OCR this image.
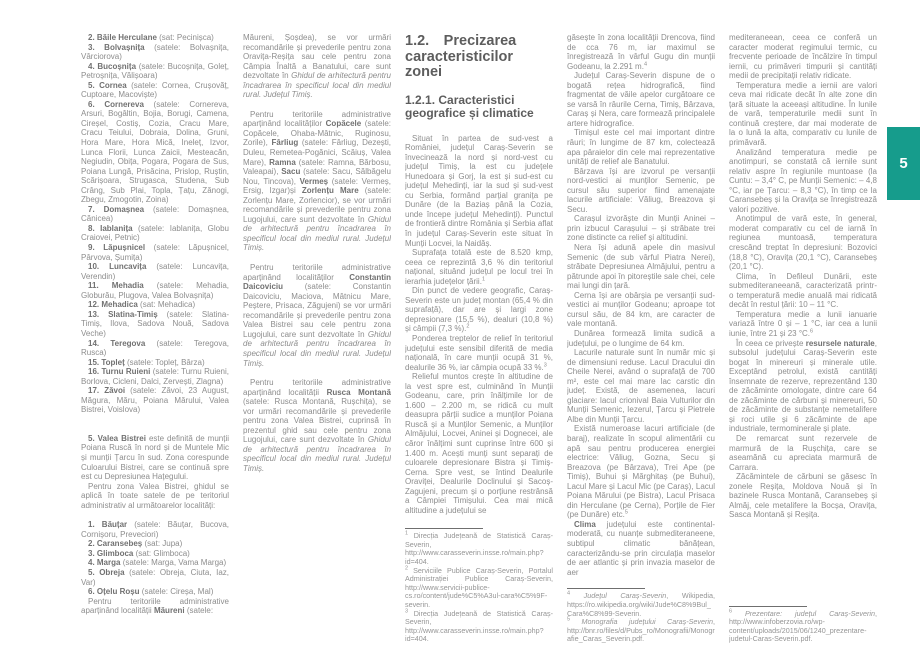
2. Băile Herculane (sat: Pecinișca)

3. Bolvașnița (satele: Bolvașnița, Vârciorova)

4. Bucoșnița (satele: Bucoșnița, Goleț, Petroșnița, Vălișoara)

5. Cornea (satele: Cornea, Crușovăț, Cuptoare, Macoviște)

6. Cornereva (satele: Cornereva, Arsuri, Bogâltin, Bojia, Borugi, Camena, Cireșel, Costiș, Cozia, Cracu Mare, Cracu Teiului, Dobraia, Dolina, Gruni, Hora Mare, Hora Mică, Ineleț, Izvor, Lunca Florii, Lunca Zaicii, Mesteacăn, Negiudin, Obița, Pogara, Pogara de Sus, Poiana Lungă, Prisăcina, Prislop, Ruștin, Scărișoara, Strugasca, Studena, Sub Crâng, Sub Plai, Topla, Țațu, Zănogi, Zbegu, Zmogotin, Zoina)

7. Domașnea (satele: Domașnea, Cănicea)

8. Iablanița (satele: Iablanița, Globu Craiovei, Petnic)

9. Lăpușnicel (satele: Lăpușnicel, Pârvova, Șumița)

10. Luncavița (satele: Luncavița, Verendin)

11. Mehadia (satele: Mehadia, Globurău, Plugova, Valea Bolvașnița)

12. Mehadica (sat: Mehadica)

13. Slatina-Timiș (satele: Slatina-Timiș, Ilova, Sadova Nouă, Sadova Veche)

14. Teregova (satele: Teregova, Rusca)

15. Topleț (satele: Topleț, Bârza)

16. Turnu Ruieni (satele: Turnu Ruieni, Borlova, Cicleni, Dalci, Zervești, Zlagna)

17. Zăvoi (satele: Zăvoi, 23 August, Măgura, Măru, Poiana Mărului, Valea Bistrei, Voislova)

5. Valea Bistrei este definită de munții Poiana Ruscă în nord și de Muntele Mic și munții Țarcu în sud. Zona corespunde Culoarului Bistrei, care se continuă spre est cu Depresiunea Hațegului.

Pentru zona Valea Bistrei, ghidul se aplică în toate satele de pe teritoriul administrativ al următoarelor localități:

1. Băuțar (satele: Băuțar, Bucova, Cornișoru, Preveciori)

2. Caransebeș (sat: Jupa)

3. Glimboca (sat: Glimboca)

4. Marga (satele: Marga, Vama Marga)

5. Obreja (satele: Obreja, Ciuta, Iaz, Var)

6. Oțelu Roșu (satele: Cireșa, Mal)

Pentru teritoriile administrative aparținând localității Măureni (satele:

Măureni, Șoșdea), se vor urmări recomandările și prevederile pentru zona Oravița-Reșița sau cele pentru zona Câmpia Înaltă a Banatului, care sunt dezvoltate în Ghidul de arhitectură pentru încadrarea în specificul local din mediul rural. Județul Timiș.

Pentru teritoriile administrative aparținând localităților Copăcele (satele: Copăcele, Ohaba-Mâtnic, Ruginosu, Zorile), Fârliug (satele: Fârliug, Dezești, Duleu, Remetea-Pogănici, Scăiuș, Valea Mare), Ramna (satele: Ramna, Bărbosu, Valeapai), Sacu (satele: Sacu, Sălbăgelu Nou, Tincova), Vermeș (satele: Vermeș, Ersig, Izgar)și Zorlențu Mare (satele: Zorlențu Mare, Zorlencior), se vor urmări recomandările și prevederile pentru zona Lugojului, care sunt dezvoltate în Ghidul de arhitectură pentru încadrarea în specificul local din mediul rural. Județul Timiș.

Pentru teritoriile administrative aparținând localităților Constantin Daicoviciu (satele: Constantin Daicoviciu, Maciova, Mâtnicu Mare, Peștere, Prisaca, Zăgujeni) se vor urmări recomandările și prevederile pentru zona Valea Bistrei sau cele pentru zona Lugojului, care sunt dezvoltate în Ghidul de arhitectură pentru încadrarea în specificul local din mediul rural. Județul Timiș.

Pentru teritoriile administrative aparținând localității Rusca Montană (satele: Rusca Montană, Rușchița), se vor urmări recomandările și prevederile pentru zona Valea Bistrei, cuprinsă în prezentul ghid sau cele pentru zona Lugojului, care sunt dezvoltate în Ghidul de arhitectură pentru încadrarea în specificul local din mediul rural. Județul Timiș.

1.2. Precizarea caracteristicilor zonei
1.2.1. Caracteristici geografice și climatice

Situat în partea de sud-vest a României, județul Caraș-Severin se învecinează la nord și nord-vest cu județul Timiș, la est cu județele Hunedoara și Gorj, la est și sud-est cu județul Mehedinți, iar la sud și sud-vest cu Serbia, formând parțial granița pe Dunăre (de la Baziaș până la Cozia, unde începe județul Mehedinți). Punctul de frontieră dintre România și Serbia aflat în județul Caraș-Severin este situat în Munții Locvei, la Naidăș.

Suprafața totală este de 8.520 kmp, ceea ce reprezintă 3,6 % din teritoriul național, situând județul pe locul trei în ierarhia județelor țării.$^1$

Din punct de vedere geografic, Caraș-Severin este un județ montan (65,4 % din suprafață), dar are și largi zone depresionare (15,5 %), dealuri (10,8 %) și câmpii (7,3 %).$^2$

Ponderea treptelor de relief în teritoriul județului este sensibil diferită de media națională, în care munții ocupă 31 %, dealurile 36 %, iar câmpia ocupă 33 %.$^3$

Relieful muntos crește în altitudine de la vest spre est, culminând în Munții Godeanu, care, prin înălțimile lor de 1.600 – 2.200 m, se ridică cu mult deasupra părții sudice a munților Poiana Ruscă și a Munților Semenic, a Munților Almăjului, Locvei, Aninei și Dognecei, ale căror înălțimi sunt cuprinse între 600 și 1.400 m. Acești munți sunt separați de culoarele depresionare Bistra și Timiș-Cerna. Spre vest, se întind Dealurile Oraviței, Dealurile Doclinului și Sacoș-Zagujeni, precum și o porțiune restrânsă a Câmpiei Timișului. Cea mai mică altitudine a județului se

$^1$ Direcția Județeană de Statistică Caraș-Severin, http://www.carasseverin.insse.ro/main.php?id=404.

$^2$ Serviciile Publice Caraș-Severin, Portalul Administrației Publice Caraș-Severin, http://www.servicii-publice-cs.ro/content/jude%C5%A3ul-cara%C5%9F-severin.

$^3$ Direcția Județeană de Statistică Caraș-Severin, http://www.carasseverin.insse.ro/main.php?id=404.

găsește în zona localității Drencova, fiind de cca 76 m, iar maximul se înregistrează în vârful Gugu din munții Godeanu, la 2.291 m.$^4$

Județul Caraș-Severin dispune de o bogată rețea hidrografică, fiind fragmentat de văile apelor curgătoare ce se varsă în râurile Cerna, Timiș, Bârzava, Caraș și Nera, care formează principalele artere hidrografice.

Timișul este cel mai important dintre râuri; în lungime de 87 km, colectează apa pâraielor din cele mai reprezentative unități de relief ale Banatului.

Bârzava își are izvorul pe versanții nord-vestici ai munților Semenic, pe cursul său superior fiind amenajate lacurile artificiale: Văliug, Breazova și Secu.

Carașul izvorăște din Munții Aninei – prin izbucul Carașului – și străbate trei zone distincte ca relief și altitudini.

Nera își adună apele din masivul Semenic (de sub vârful Piatra Nerei), străbate Depresiunea Almăjului, pentru a pătrunde apoi în pitoreștile sale chei, cele mai lungi din țară.

Cerna își are obârșia pe versanții sud-vestici ai munților Godeanu; aproape tot cursul său, de 84 km, are caracter de vale montană.

Dunărea formează limita sudică a județului, pe o lungime de 64 km.

Lacurile naturale sunt în număr mic și de dimensiuni reduse. Lacul Dracului din Cheile Nerei, având o suprafață de 700 m², este cel mai mare lac carstic din județ. Există, de asemenea, lacuri glaciare: lacul crionival Baia Vulturilor din Munții Semenic, Iezerul, Țarcu și Pietrele Albe din Munții Țarcu.

Există numeroase lacuri artificiale (de baraj), realizate în scopul alimentării cu apă sau pentru producerea energiei electrice: Văliug, Gozna, Secu și Breazova (pe Bârzava), Trei Ape (pe Timiș), Buhui și Mărghitaș (pe Buhui), Lacul Mare și Lacul Mic (pe Caraș), Lacul Poiana Mărului (pe Bistra), Lacul Prisaca din Herculane (pe Cerna), Porțile de Fier (pe Dunăre) etc.$^5$

Clima județului este continental-moderată, cu nuanțe submediteraneene, subtipul climatic bănățean, caracterizându-se prin circulația maselor de aer atlantic și prin invazia maselor de aer

$^4$ Județul Caraș-Severin, Wikipedia, https://ro.wikipedia.org/wiki/Jude%C8%9Bul_Cara%C8%99-Severin.

$^5$ Monografia județului Caraș-Severin, http://bnr.ro/files/d/Pubs_ro/Monografii/Monografie_Caras_Severin.pdf.

mediteraneean, ceea ce conferă un caracter moderat regimului termic, cu frecvente perioade de încălzire în timpul iernii, cu primăveri timpurii și cantități medii de precipitații relativ ridicate.

Temperatura medie a iernii are valori ceva mai ridicate decât în alte zone din țară situate la aceeași altitudine. În lunile de vară, temperaturile medii sunt în continuă creștere, dar mai moderate de la o lună la alta, comparativ cu lunile de primăvară.

Analizând temperatura medie pe anotimpuri, se constată că iernile sunt relativ aspre în regiunile muntoase (la Cuntu: – 3,4° C, pe Munții Semenic: – 4,8 °C, iar pe Țarcu: – 8,3 °C), în timp ce la Caransebeș și la Oravița se înregistrează valori pozitive.

Anotimpul de vară este, în general, moderat comparativ cu cel de iarnă în regiunea muntoasă, temperatura crescând treptat în depresiuni: Bozovici (18,8 °C), Oravița (20,1 °C), Caransebeș (20,1 °C).

Clima, în Defileul Dunării, este submediteraneeană, caracterizată printr-o temperatură medie anuală mai ridicată decât în restul țării: 10 – 11 °C.

Temperatura medie a lunii ianuarie variază între 0 și – 1 °C, iar cea a lunii iunie, între 21 și 23 °C.$^6$

În ceea ce privește resursele naturale, subsolul județului Caraș-Severin este bogat în minereuri și minerale utile. Exceptând petrolul, există cantități însemnate de rezerve, reprezentând 130 de zăcăminte omologate, dintre care 64 de zăcăminte de cărbuni și minereuri, 50 de zăcăminte de substanțe nemetalifere și roci utile și 6 zăcăminte de ape industriale, termominerale și plate.

De remarcat sunt rezervele de marmură de la Rușchița, care se aseamănă cu apreciata marmură de Carrara.

Zăcămintele de cărbuni se găsesc în zonele Reșița, Moldova Nouă și în bazinele Rusca Montană, Caransebeș și Almăj, cele metalifere la Bocșa, Oravița, Sasca Montană și Reșița.

$^6$ Prezentare: județul Caraș-Severin, http://www.infoberzovia.ro/wp-content/uploads/2015/06/1240_prezentare-judetul-Caras-Severin.pdf.

5
